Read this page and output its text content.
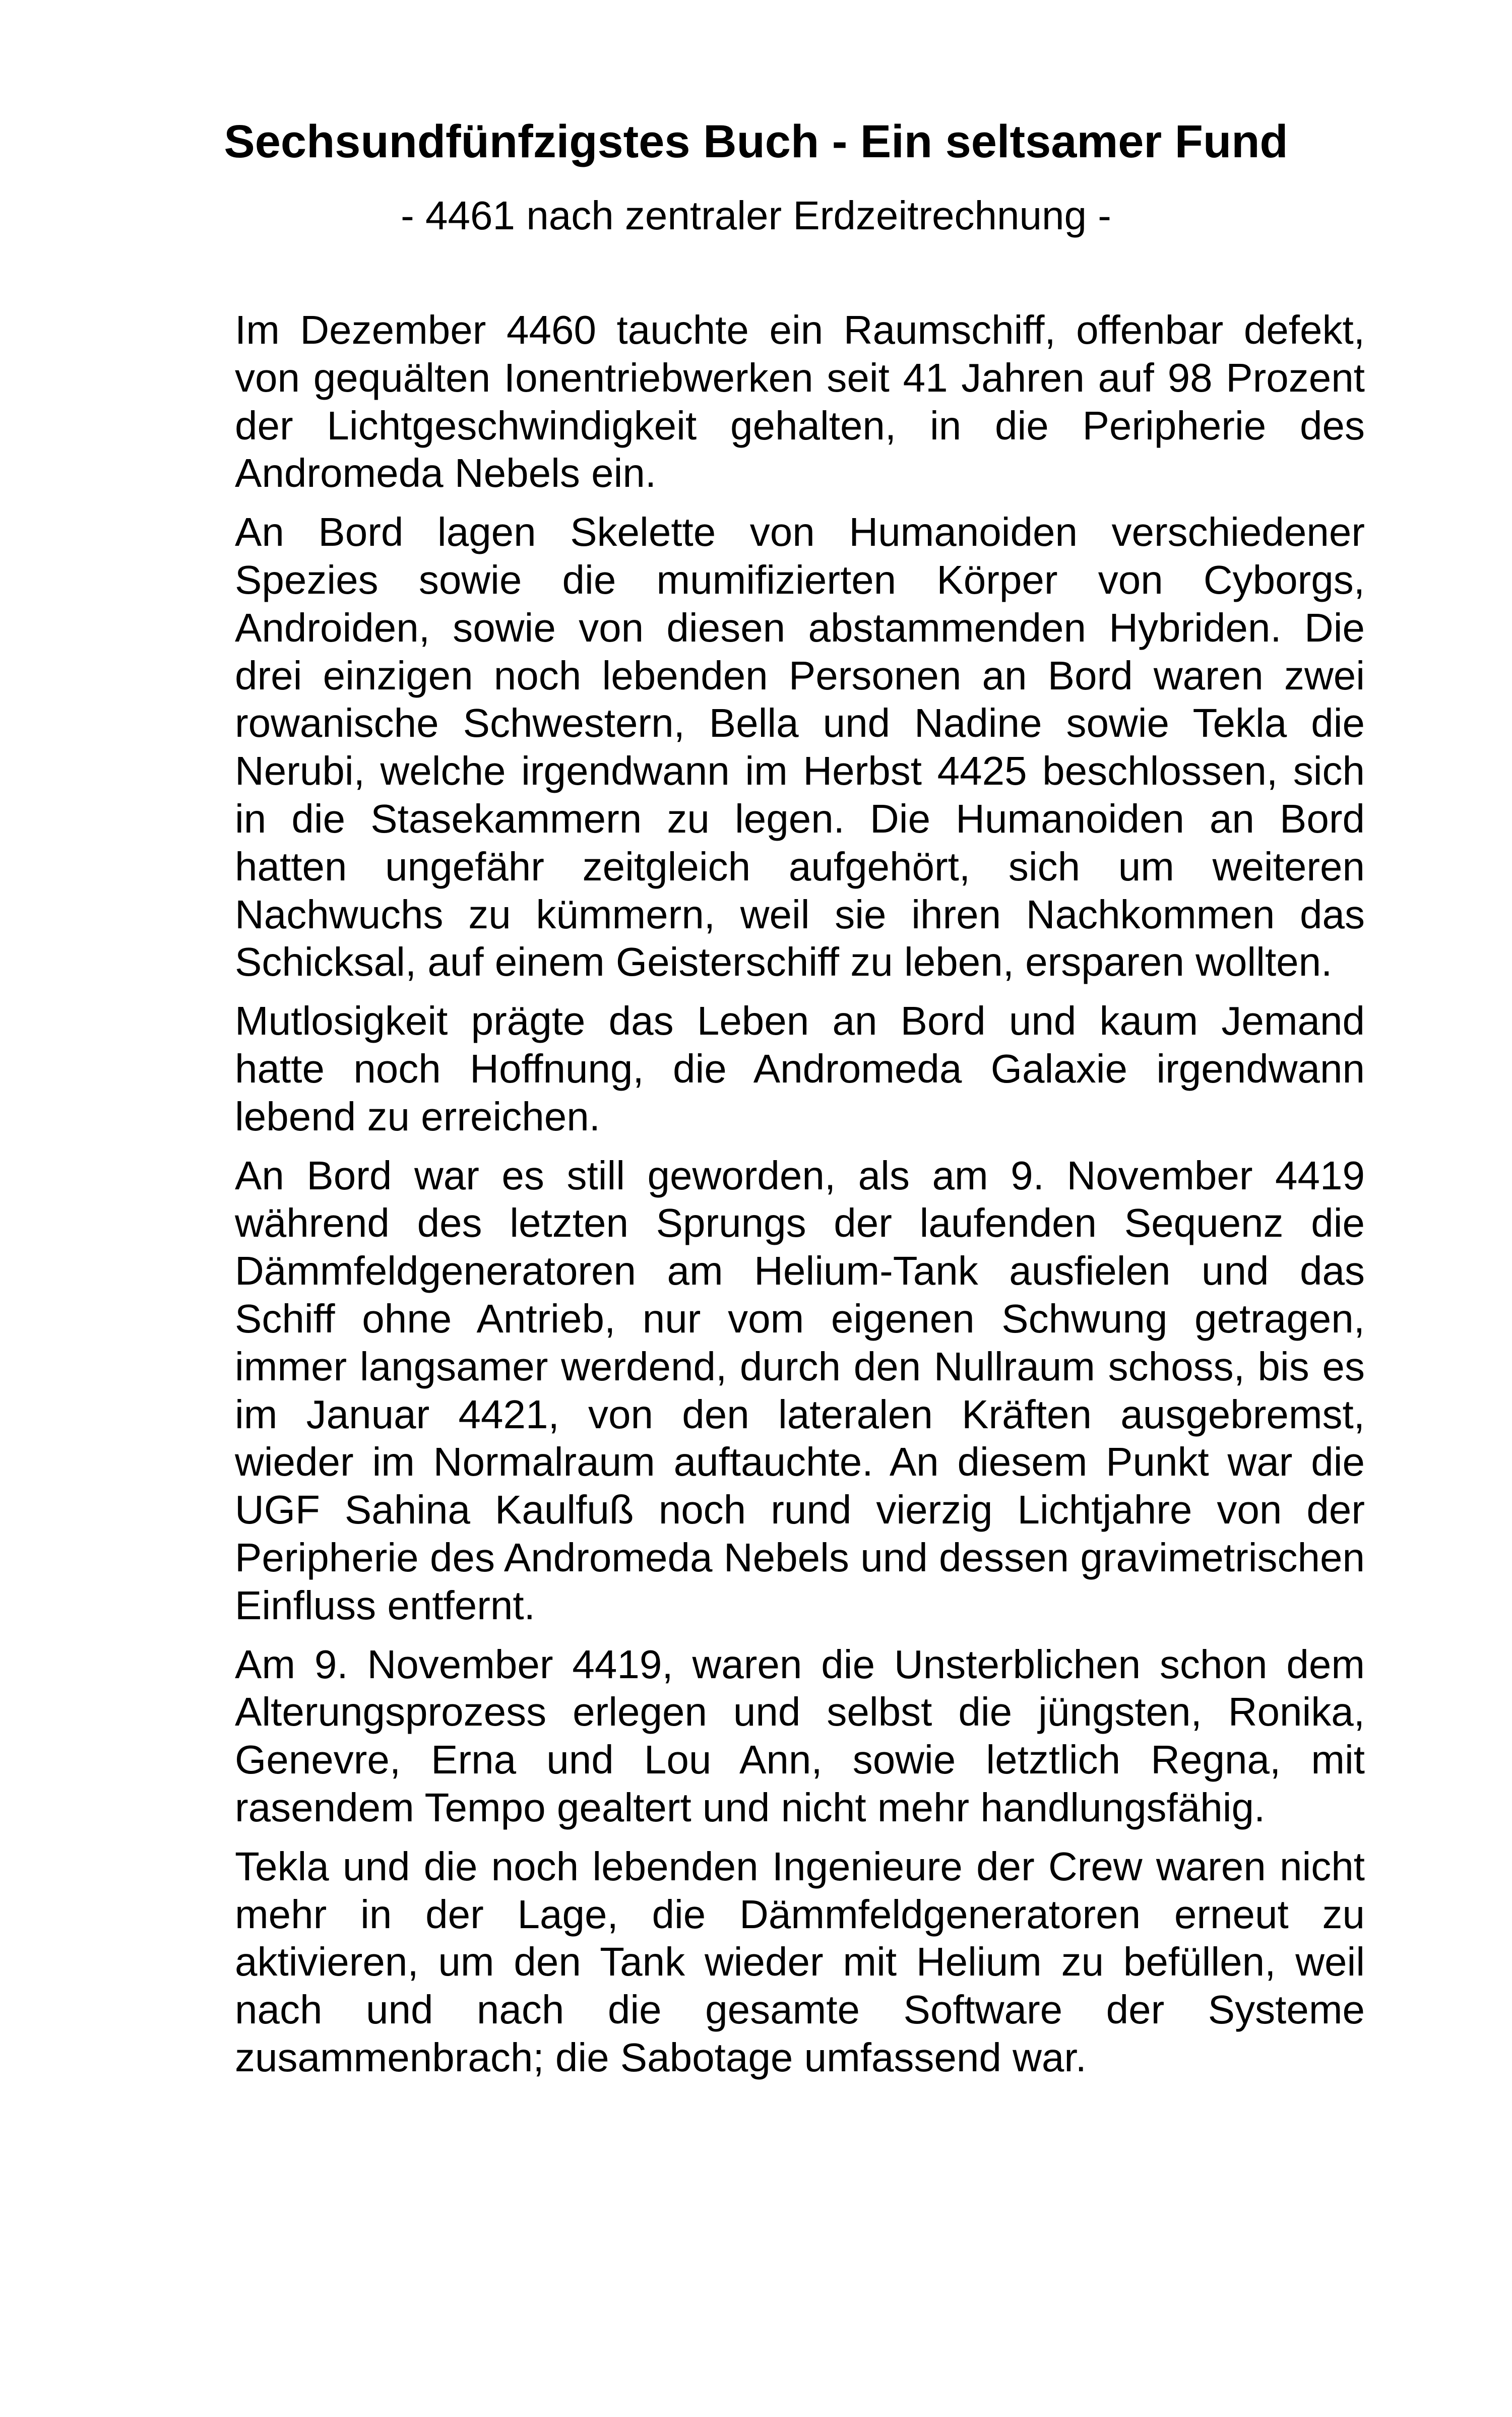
Sechsundfünfzigstes Buch - Ein seltsamer Fund

- 4461 nach zentraler Erdzeitrechnung -

Im Dezember 4460 tauchte ein Raumschiff, offenbar defekt, von gequälten Ionentriebwerken seit 41 Jahren auf 98 Prozent der Lichtgeschwindigkeit gehalten, in die Peripherie des Andromeda Nebels ein.

An Bord lagen Skelette von Humanoiden verschiedener Spezies sowie die mumifizierten Körper von Cyborgs, Androiden, sowie von diesen abstammenden Hybriden. Die drei einzigen noch lebenden Personen an Bord waren zwei rowanische Schwestern, Bella und Nadine sowie Tekla die Nerubi, welche irgendwann im Herbst 4425 beschlossen, sich in die Stasekammern zu legen. Die Humanoiden an Bord hatten ungefähr zeitgleich aufgehört, sich um weiteren Nachwuchs zu kümmern, weil sie ihren Nachkommen das Schicksal, auf einem Geisterschiff zu leben, ersparen wollten.

Mutlosigkeit prägte das Leben an Bord und kaum Jemand hatte noch Hoffnung, die Andromeda Galaxie irgendwann lebend zu erreichen.

An Bord war es still geworden, als am 9. November 4419 während des letzten Sprungs der laufenden Sequenz die Dämmfeldgeneratoren am Helium-Tank ausfielen und das Schiff ohne Antrieb, nur vom eigenen Schwung getragen, immer langsamer werdend, durch den Nullraum schoss, bis es im Januar 4421, von den lateralen Kräften ausgebremst, wieder im Normalraum auftauchte. An diesem Punkt war die UGF Sahina Kaulfuß noch rund vierzig Lichtjahre von der Peripherie des Andromeda Nebels und dessen gravimetrischen Einfluss entfernt.

Am 9. November 4419, waren die Unsterblichen schon dem Alterungsprozess erlegen und selbst die jüngsten, Ronika, Genevre, Erna und Lou Ann, sowie letztlich Regna, mit rasendem Tempo gealtert und nicht mehr handlungsfähig.

Tekla und die noch lebenden Ingenieure der Crew waren nicht mehr in der Lage, die Dämmfeldgeneratoren erneut zu aktivieren, um den Tank wieder mit Helium zu befüllen, weil nach und nach die gesamte Software der Systeme zusammenbrach; die Sabotage umfassend war.
